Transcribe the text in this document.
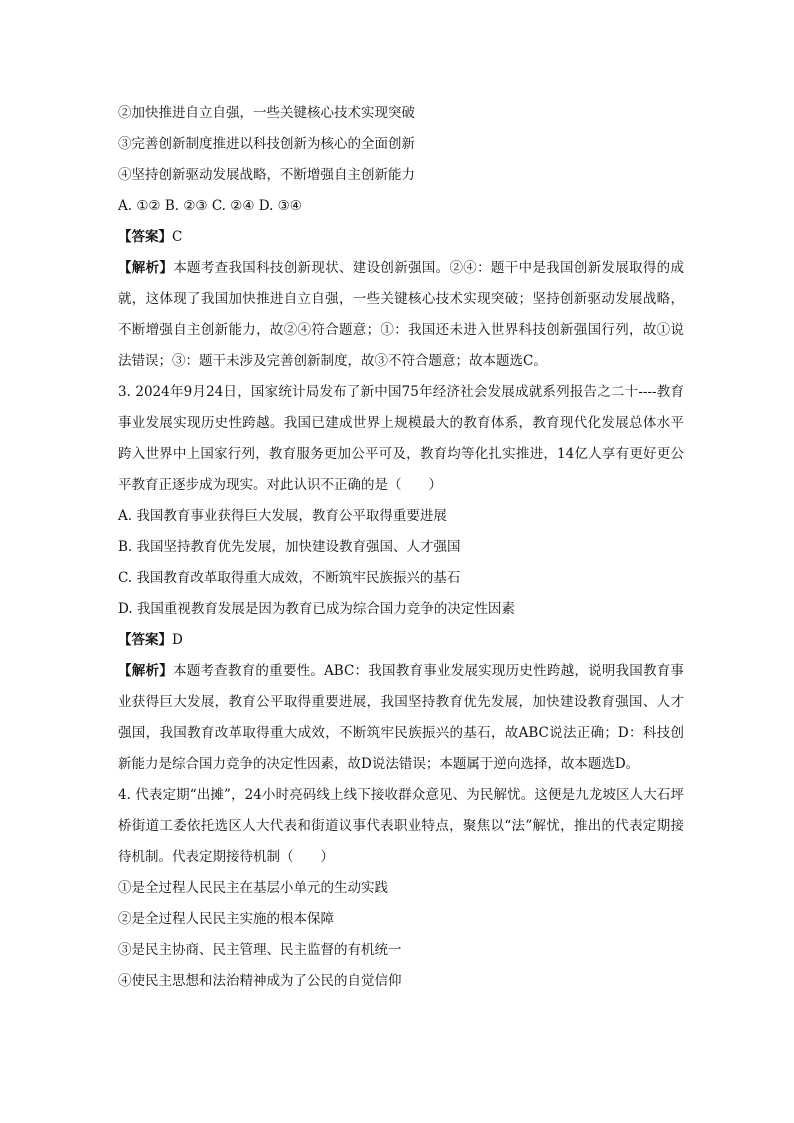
②加快推进自立自强，一些关键核心技术实现突破
③完善创新制度推进以科技创新为核心的全面创新
④坚持创新驱动发展战略，不断增强自主创新能力
A. ①② B. ②③ C. ②④ D. ③④
【答案】C
【解析】本题考查我国科技创新现状、建设创新强国。②④：题干中是我国创新发展取得的成就，这体现了我国加快推进自立自强，一些关键核心技术实现突破；坚持创新驱动发展战略，不断增强自主创新能力，故②④符合题意；①：我国还未进入世界科技创新强国行列，故①说法错误；③：题干未涉及完善创新制度，故③不符合题意；故本题选C。
3. 2024年9月24日，国家统计局发布了新中国75年经济社会发展成就系列报告之二十----教育事业发展实现历史性跨越。我国已建成世界上规模最大的教育体系，教育现代化发展总体水平跨入世界中上国家行列，教育服务更加公平可及，教育均等化扎实推进，14亿人享有更好更公平教育正逐步成为现实。对此认识不正确的是（　　）
A. 我国教育事业获得巨大发展，教育公平取得重要进展
B. 我国坚持教育优先发展，加快建设教育强国、人才强国
C. 我国教育改革取得重大成效，不断筑牢民族振兴的基石
D. 我国重视教育发展是因为教育已成为综合国力竞争的决定性因素
【答案】D
【解析】本题考查教育的重要性。ABC：我国教育事业发展实现历史性跨越，说明我国教育事业获得巨大发展，教育公平取得重要进展，我国坚持教育优先发展，加快建设教育强国、人才强国，我国教育改革取得重大成效，不断筑牢民族振兴的基石，故ABC说法正确；D：科技创新能力是综合国力竞争的决定性因素，故D说法错误；本题属于逆向选择，故本题选D。
4. 代表定期“出摊”，24小时亮码线上线下接收群众意见、为民解忧。这便是九龙坡区人大石坪桥街道工委依托选区人大代表和街道议事代表职业特点，聚焦以“法”解忧，推出的代表定期接待机制。代表定期接待机制（　　）
①是全过程人民民主在基层小单元的生动实践
②是全过程人民民主实施的根本保障
③是民主协商、民主管理、民主监督的有机统一
④使民主思想和法治精神成为了公民的自觉信仰
